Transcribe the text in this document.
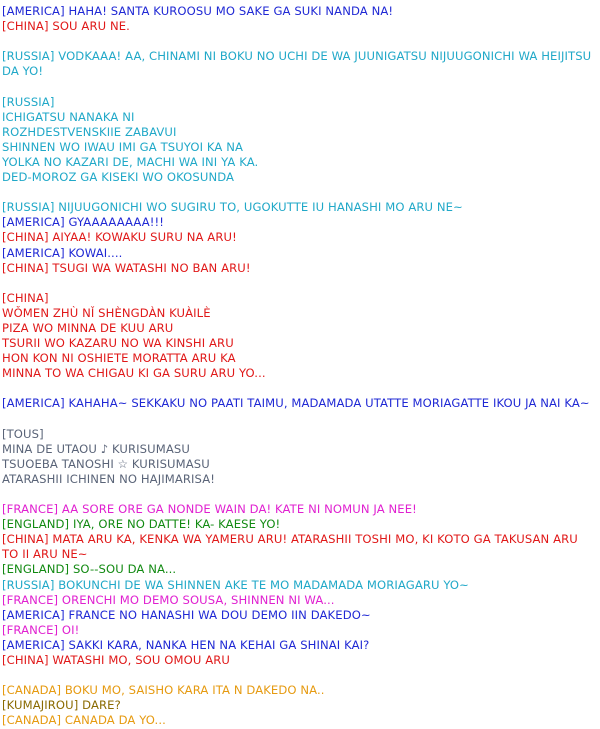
[AMERICA] HAHA! SANTA KUROOSU MO SAKE GA SUKI NANDA NA!
[CHINA] SOU ARU NE.
[RUSSIA] VODKAAA! AA, CHINAMI NI BOKU NO UCHI DE WA JUUNIGATSU NIJUUGONICHI WA HEIJITSU DA YO!
[RUSSIA]
ICHIGATSU NANAKA NI
ROZHDESTVENSKIIE ZABAVUI
SHINNEN WO IWAU IMI GA TSUYOI KA NA
YOLKA NO KAZARI DE, MACHI WA INI YA KA.
DED-MOROZ GA KISEKI WO OKOSUNDA
[RUSSIA] NIJUUGONICHI WO SUGIRU TO, UGOKUTTE IU HANASHI MO ARU NE~
[AMERICA] GYAAAAAAAA!!!
[CHINA] AIYAA! KOWAKU SURU NA ARU!
[AMERICA] KOWAI....
[CHINA] TSUGI WA WATASHI NO BAN ARU!
[CHINA]
WǑMEN ZHÙ NǏ SHÈNGDÀN KUÀILÈ
PIZA WO MINNA DE KUU ARU
TSURII WO KAZARU NO WA KINSHI ARU
HON KON NI OSHIETE MORATTA ARU KA
MINNA TO WA CHIGAU KI GA SURU ARU YO...
[AMERICA] KAHAHA~ SEKKAKU NO PAATI TAIMU, MADAMADA UTATTE MORIAGATTE IKOU JA NAI KA~
[TOUS]
MINA DE UTAOU ♪ KURISUMASU
TSUOEBA TANOSHI ☆ KURISUMASU
ATARASHII ICHINEN NO HAJIMARISA!
[FRANCE] AA SORE ORE GA NONDE WAIN DA! KATE NI NOMUN JA NEE!
[ENGLAND] IYA, ORE NO DATTE! KA- KAESE YO!
[CHINA] MATA ARU KA, KENKA WA YAMERU ARU! ATARASHII TOSHI MO, KI KOTO GA TAKUSAN ARU TO II ARU NE~
[ENGLAND] SO--SOU DA NA...
[RUSSIA] BOKUNCHI DE WA SHINNEN AKE TE MO MADAMADA MORIAGARU YO~
[FRANCE] ORENCHI MO DEMO SOUSA, SHINNEN NI WA...
[AMERICA] FRANCE NO HANASHI WA DOU DEMO IIN DAKEDO~
[FRANCE] OI!
[AMERICA] SAKKI KARA, NANKA HEN NA KEHAI GA SHINAI KAI?
[CHINA] WATASHI MO, SOU OMOU ARU
[CANADA] BOKU MO, SAISHO KARA ITA N DAKEDO NA..
[KUMAJIROU] DARE?
[CANADA] CANADA DA YO...
